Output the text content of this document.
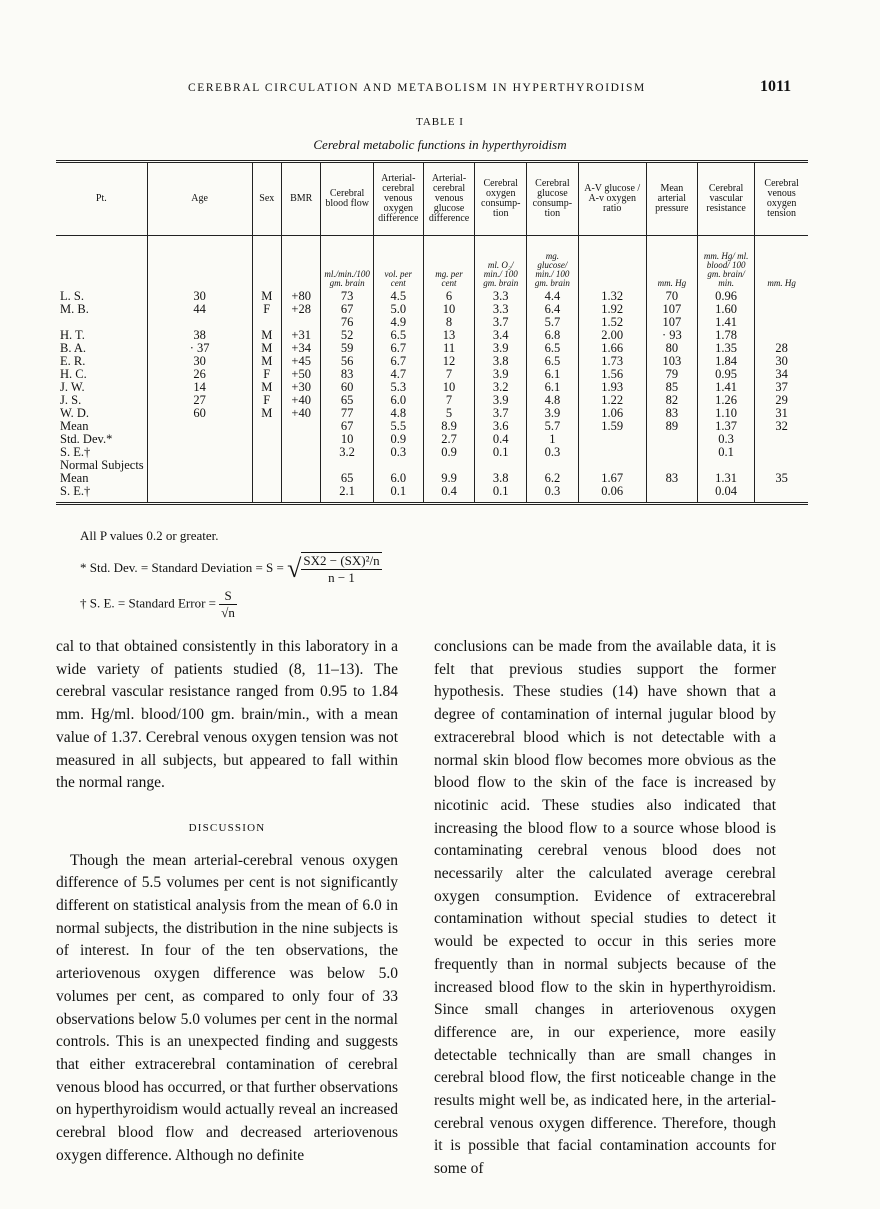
CEREBRAL CIRCULATION AND METABOLISM IN HYPERTHYROIDISM	1011
TABLE I
Cerebral metabolic functions in hyperthyroidism
Pt.	Age	Sex	BMR	Cerebral blood flow	Arterial-cerebral venous oxygen difference	Arterial-cerebral venous glucose difference	Cerebral oxygen consump-tion	Cerebral glucose consump-tion	A-V glucose / A-v oxygen ratio	Mean arterial pressure	Cerebral vascular resistance	Cerebral venous oxygen tension
				ml./min./100 gm. brain	vol. per cent	mg. per cent	ml. O₂/ min./ 100 gm. brain	mg. glucose/ min./ 100 gm. brain		mm. Hg	mm. Hg/ ml. blood/ 100 gm. brain/ min.	mm. Hg
L. S.	30	M	+80	73	4.5	6	3.3	4.4	1.32	70	0.96	
M. B.	44	F	+28	67	5.0	10	3.3	6.4	1.92	107	1.60	
				76	4.9	8	3.7	5.7	1.52	107	1.41	
H. T.	38	M	+31	52	6.5	13	3.4	6.8	2.00	· 93	1.78	
B. A.	· 37	M	+34	59	6.7	11	3.9	6.5	1.66	80	1.35	28
E. R.	30	M	+45	56	6.7	12	3.8	6.5	1.73	103	1.84	30
H. C.	26	F	+50	83	4.7	7	3.9	6.1	1.56	79	0.95	34
J. W.	14	M	+30	60	5.3	10	3.2	6.1	1.93	85	1.41	37
J. S.	27	F	+40	65	6.0	7	3.9	4.8	1.22	82	1.26	29
W. D.	60	M	+40	77	4.8	5	3.7	3.9	1.06	83	1.10	31
Mean				67	5.5	8.9	3.6	5.7	1.59	89	1.37	32
Std. Dev.*				10	0.9	2.7	0.4	1			0.3	
S. E.†				3.2	0.3	0.9	0.1	0.3			0.1	
Normal Subjects												
Mean				65	6.0	9.9	3.8	6.2	1.67	83	1.31	35
S. E.†				2.1	0.1	0.4	0.1	0.3	0.06		0.04	
All P values 0.2 or greater.
* Std. Dev. = Standard Deviation = S = √ $\frac{\text{SX2 − (SX)²/n}}{n - 1}$
† S. E. = Standard Error = $\frac{S}{√n}$

cal to that obtained consistently in this laboratory in a wide variety of patients studied (8, 11–13). The cerebral vascular resistance ranged from 0.95 to 1.84 mm. Hg/ml. blood/100 gm. brain/min., with a mean value of 1.37. Cerebral venous oxygen tension was not measured in all subjects, but appeared to fall within the normal range.

DISCUSSION

Though the mean arterial-cerebral venous oxygen difference of 5.5 volumes per cent is not significantly different on statistical analysis from the mean of 6.0 in normal subjects, the distribution in the nine subjects is of interest. In four of the ten observations, the arteriovenous oxygen difference was below 5.0 volumes per cent, as compared to only four of 33 observations below 5.0 volumes per cent in the normal controls. This is an unexpected finding and suggests that either extracerebral contamination of cerebral venous blood has occurred, or that further observations on hyperthyroidism would actually reveal an increased cerebral blood flow and decreased arteriovenous oxygen difference. Although no definite

conclusions can be made from the available data, it is felt that previous studies support the former hypothesis. These studies (14) have shown that a degree of contamination of internal jugular blood by extracerebral blood which is not detectable with a normal skin blood flow becomes more obvious as the blood flow to the skin of the face is increased by nicotinic acid. These studies also indicated that increasing the blood flow to a source whose blood is contaminating cerebral venous blood does not necessarily alter the calculated average cerebral oxygen consumption. Evidence of extracerebral contamination without special studies to detect it would be expected to occur in this series more frequently than in normal subjects because of the increased blood flow to the skin in hyperthyroidism. Since small changes in arteriovenous oxygen difference are, in our experience, more easily detectable technically than are small changes in cerebral blood flow, the first noticeable change in the results might well be, as indicated here, in the arterial-cerebral venous oxygen difference. Therefore, though it is possible that facial contamination accounts for some of
